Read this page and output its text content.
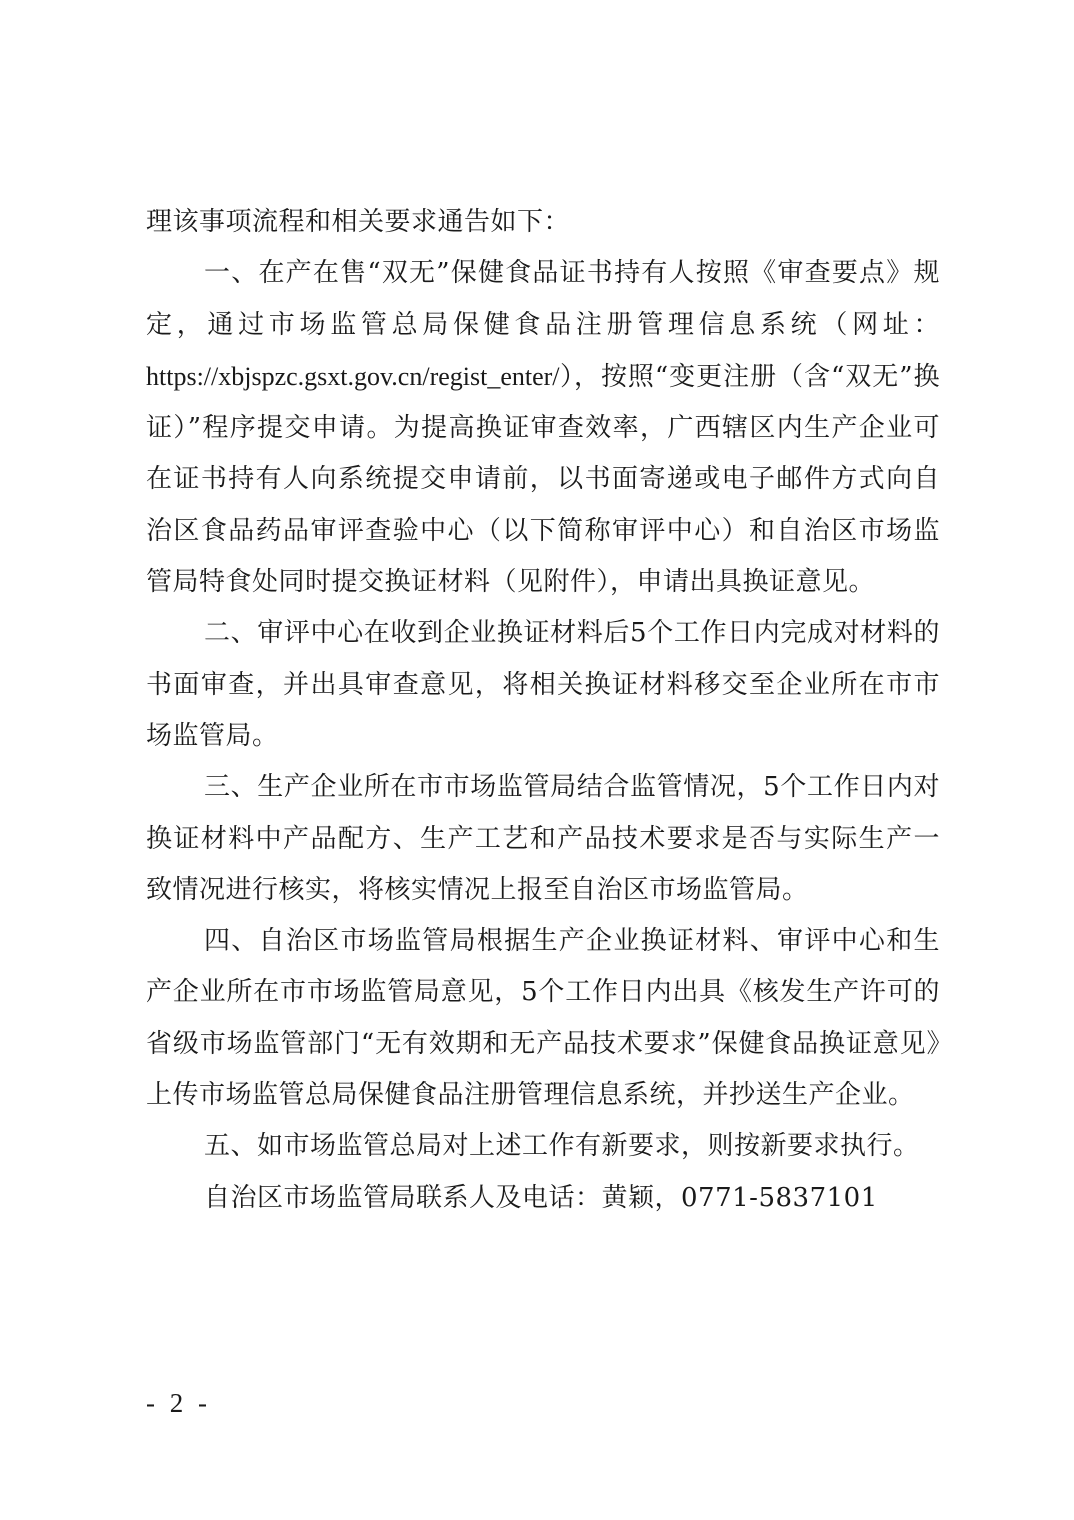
理该事项流程和相关要求通告如下：

一、在产在售“双无”保健食品证书持有人按照《审查要点》规定，通过市场监管总局保健食品注册管理信息系统（网址：https://xbjspzc.gsxt.gov.cn/regist_enter/），按照“变更注册（含“双无”换证）”程序提交申请。为提高换证审查效率，广西辖区内生产企业可在证书持有人向系统提交申请前，以书面寄递或电子邮件方式向自治区食品药品审评查验中心（以下简称审评中心）和自治区市场监管局特食处同时提交换证材料（见附件），申请出具换证意见。

二、审评中心在收到企业换证材料后5个工作日内完成对材料的书面审查，并出具审查意见，将相关换证材料移交至企业所在市市场监管局。

三、生产企业所在市市场监管局结合监管情况，5个工作日内对换证材料中产品配方、生产工艺和产品技术要求是否与实际生产一致情况进行核实，将核实情况上报至自治区市场监管局。

四、自治区市场监管局根据生产企业换证材料、审评中心和生产企业所在市市场监管局意见，5个工作日内出具《核发生产许可的省级市场监管部门“无有效期和无产品技术要求”保健食品换证意见》上传市场监管总局保健食品注册管理信息系统，并抄送生产企业。

五、如市场监管总局对上述工作有新要求，则按新要求执行。

自治区市场监管局联系人及电话：黄颖，0771-5837101

- 2 -
